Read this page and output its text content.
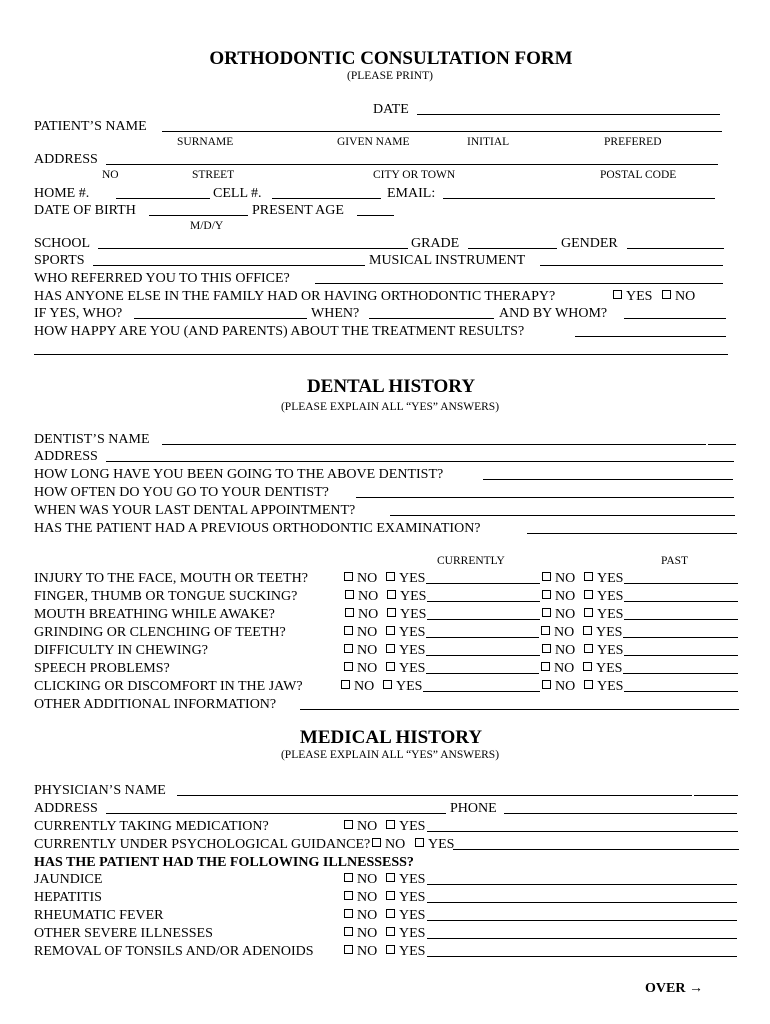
ORTHODONTIC CONSULTATION FORM
(PLEASE PRINT)
DATE
PATIENT’S NAME
SURNAME	GIVEN NAME	INITIAL	PREFERED
ADDRESS
NO	STREET	CITY OR TOWN	POSTAL CODE
HOME #.	CELL #.	EMAIL:
DATE OF BIRTH	PRESENT AGE
M/D/Y
SCHOOL	GRADE	GENDER
SPORTS	MUSICAL INSTRUMENT
WHO REFERRED YOU TO THIS OFFICE?
HAS ANYONE ELSE IN THE FAMILY HAD OR HAVING ORTHODONTIC THERAPY?	YES	NO
IF YES, WHO?	WHEN?	AND BY WHOM?
HOW HAPPY ARE YOU (AND PARENTS) ABOUT THE TREATMENT RESULTS?
DENTAL HISTORY
(PLEASE EXPLAIN ALL “YES” ANSWERS)
DENTIST’S NAME
ADDRESS
HOW LONG HAVE YOU BEEN GOING TO THE ABOVE DENTIST?
HOW OFTEN DO YOU GO TO YOUR DENTIST?
WHEN WAS YOUR LAST DENTAL APPOINTMENT?
HAS THE PATIENT HAD A PREVIOUS ORTHODONTIC EXAMINATION?
CURRENTLY	PAST
INJURY TO THE FACE, MOUTH OR TEETH?	NO	YES	NO	YES
FINGER, THUMB OR TONGUE SUCKING?	NO	YES	NO	YES
MOUTH BREATHING WHILE AWAKE?	NO	YES	NO	YES
GRINDING OR CLENCHING OF TEETH?	NO	YES	NO	YES
DIFFICULTY IN CHEWING?	NO	YES	NO	YES
SPEECH PROBLEMS?	NO	YES	NO	YES
CLICKING OR DISCOMFORT IN THE JAW?	NO	YES	NO	YES
OTHER ADDITIONAL INFORMATION?
MEDICAL HISTORY
(PLEASE EXPLAIN ALL “YES” ANSWERS)
PHYSICIAN’S NAME
ADDRESS	PHONE
CURRENTLY TAKING MEDICATION?	NO	YES
CURRENTLY UNDER PSYCHOLOGICAL GUIDANCE?	NO	YES
HAS THE PATIENT HAD THE FOLLOWING ILLNESSESS?
JAUNDICE	NO	YES
HEPATITIS	NO	YES
RHEUMATIC FEVER	NO	YES
OTHER SEVERE ILLNESSES	NO	YES
REMOVAL OF TONSILS AND/OR ADENOIDS	NO	YES
OVER →
